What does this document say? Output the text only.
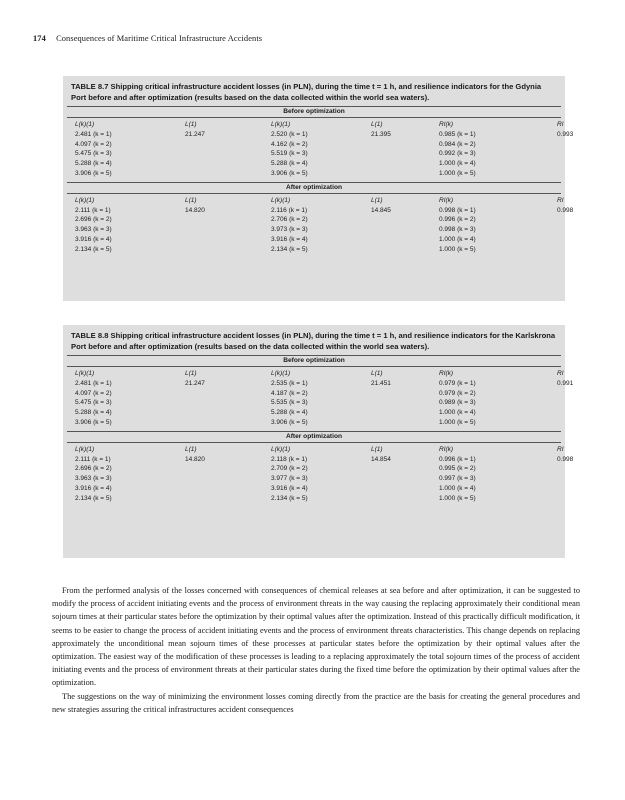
174 Consequences of Maritime Critical Infrastructure Accidents
TABLE 8.7 Shipping critical infrastructure accident losses (in PLN), during the time t = 1 h, and resilience indicators for the Gdynia Port before and after optimization (results based on the data collected within the world sea waters).
Before optimization
L(k)(1)
2.481 (k = 1)
4.097 (k = 2)
5.475 (k = 3)
5.288 (k = 4)
3.906 (k = 5)
L(1)
21.247
L(k)(1)
2.520 (k = 1)
4.162 (k = 2)
5.519 (k = 3)
5.288 (k = 4)
3.906 (k = 5)
L(1)
21.395
RI(k)
0.985 (k = 1)
0.984 (k = 2)
0.992 (k = 3)
1.000 (k = 4)
1.000 (k = 5)
RI
0.993
After optimization
L(k)(1)
2.111 (k = 1)
2.696 (k = 2)
3.963 (k = 3)
3.916 (k = 4)
2.134 (k = 5)
L(1)
14.820
L(k)(1)
2.116 (k = 1)
2.706 (k = 2)
3.973 (k = 3)
3.916 (k = 4)
2.134 (k = 5)
L(1)
14.845
RI(k)
0.998 (k = 1)
0.996 (k = 2)
0.998 (k = 3)
1.000 (k = 4)
1.000 (k = 5)
RI
0.998
TABLE 8.8 Shipping critical infrastructure accident losses (in PLN), during the time t = 1 h, and resilience indicators for the Karlskrona Port before and after optimization (results based on the data collected within the world sea waters).
Before optimization
L(k)(1)
2.481 (k = 1)
4.097 (k = 2)
5.475 (k = 3)
5.288 (k = 4)
3.906 (k = 5)
L(1)
21.247
L(k)(1)
2.535 (k = 1)
4.187 (k = 2)
5.535 (k = 3)
5.288 (k = 4)
3.906 (k = 5)
L(1)
21.451
RI(k)
0.979 (k = 1)
0.979 (k = 2)
0.989 (k = 3)
1.000 (k = 4)
1.000 (k = 5)
RI
0.991
After optimization
L(k)(1)
2.111 (k = 1)
2.696 (k = 2)
3.963 (k = 3)
3.916 (k = 4)
2.134 (k = 5)
L(1)
14.820
L(k)(1)
2.118 (k = 1)
2.709 (k = 2)
3.977 (k = 3)
3.916 (k = 4)
2.134 (k = 5)
L(1)
14.854
RI(k)
0.996 (k = 1)
0.995 (k = 2)
0.997 (k = 3)
1.000 (k = 4)
1.000 (k = 5)
RI
0.998

From the performed analysis of the losses concerned with consequences of chemical releases at sea before and after optimization, it can be suggested to modify the process of accident initiating events and the process of environment threats in the way causing the replacing approximately their conditional mean sojourn times at their particular states before the optimization by their optimal values after the optimization. Instead of this practically difficult modification, it seems to be easier to change the process of accident initiating events and the process of environment threats characteristics. This change depends on replacing approximately the unconditional mean sojourn times of these processes at particular states before the optimization by their optimal values after the optimization. The easiest way of the modification of these processes is leading to a replacing approximately the total sojourn times of the process of accident initiating events and the process of environment threats at their particular states during the fixed time before the optimization by their optimal values after the optimization.

The suggestions on the way of minimizing the environment losses coming directly from the practice are the basis for creating the general procedures and new strategies assuring the critical infrastructures accident consequences
